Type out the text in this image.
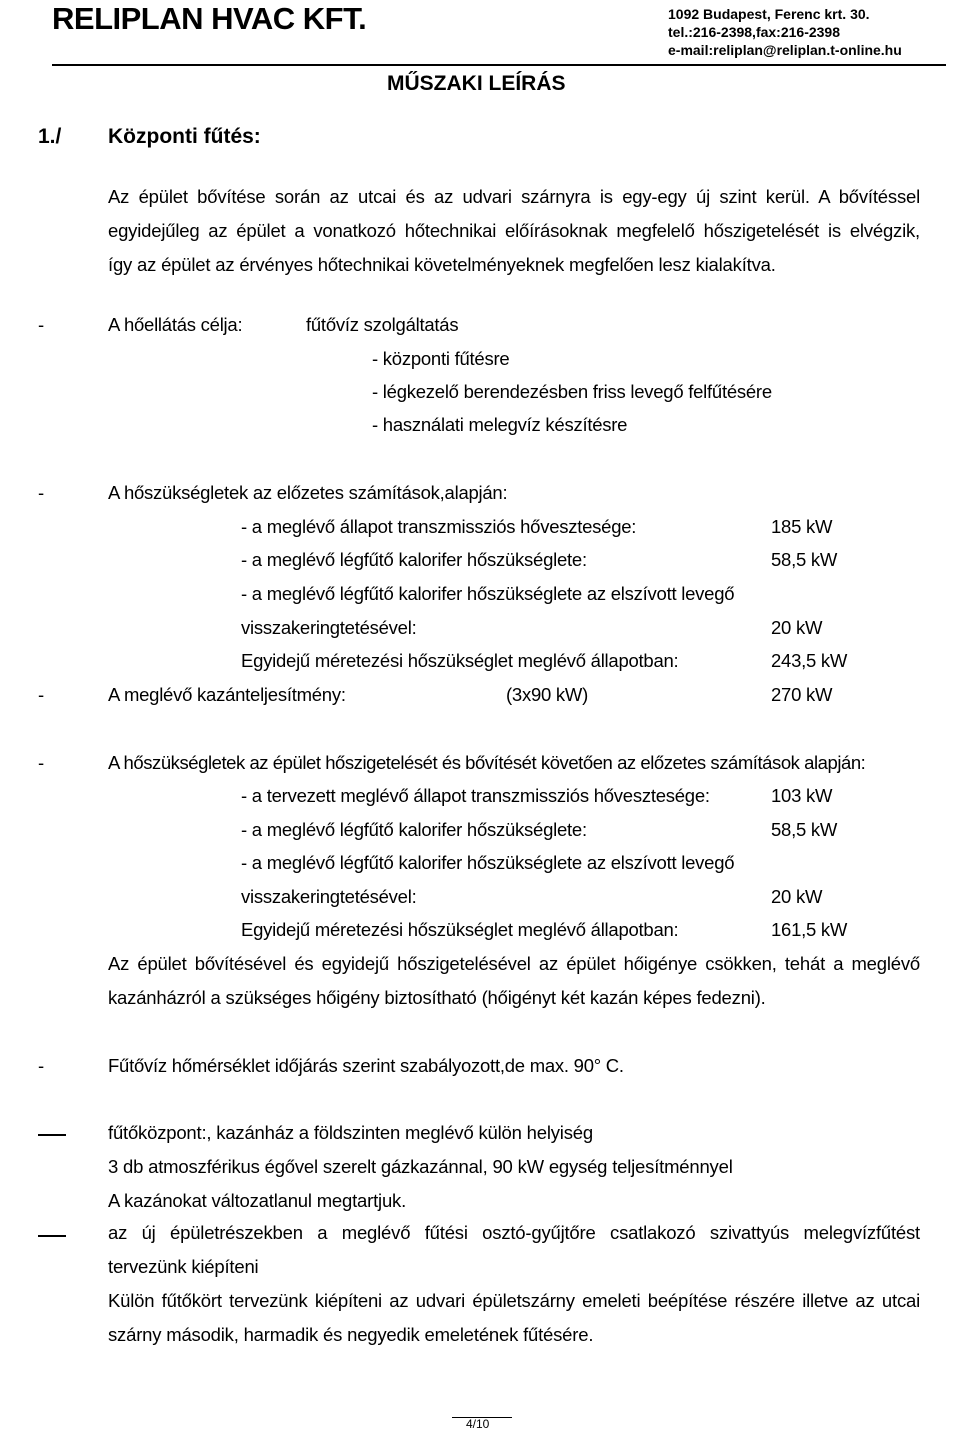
RELIPLAN HVAC KFT.	1092 Budapest, Ferenc krt. 30.
tel.:216-2398,fax:216-2398
e-mail:reliplan@reliplan.t-online.hu
MŰSZAKI LEÍRÁS
1./ Központi fűtés:
Az épület bővítése során az utcai és az udvari szárnyra is egy-egy új szint kerül. A bővítéssel
egyidejűleg az épület a vonatkozó hőtechnikai előírásoknak megfelelő hőszigetelését is elvégzik,
így az épület az érvényes hőtechnikai követelményeknek megfelően lesz kialakítva.
-	A hőellátás célja:	fűtővíz szolgáltatás
- központi fűtésre
- légkezelő berendezésben friss levegő felfűtésére
- használati melegvíz készítésre
-	A hőszükségletek az előzetes számítások,alapján:
- a meglévő állapot transzmissziós hővesztesége:	185 kW
- a meglévő légfűtő kalorifer hőszükséglete:	58,5 kW
- a meglévő légfűtő kalorifer hőszükséglete az elszívott levegő
visszakeringtetésével:	20 kW
Egyidejű méretezési hőszükséglet meglévő állapotban:	243,5 kW
-	A meglévő kazánteljesítmény:	(3x90 kW)	270 kW
-	A hőszükségletek az épület hőszigetelését és bővítését követően az előzetes számítások alapján:
- a tervezett meglévő állapot transzmissziós hővesztesége:	103 kW
- a meglévő légfűtő kalorifer hőszükséglete:	58,5 kW
- a meglévő légfűtő kalorifer hőszükséglete az elszívott levegő
visszakeringtetésével:	20 kW
Egyidejű méretezési hőszükséglet meglévő állapotban:	161,5 kW
Az épület bővítésével és egyidejű hőszigetelésével az épület hőigénye csökken, tehát a meglévő
kazánházról a szükséges hőigény biztosítható (hőigényt két kazán képes fedezni).
-	Fűtővíz hőmérséklet időjárás szerint szabályozott,de max. 90° C.
fűtőközpont:, kazánház a földszinten meglévő külön helyiség
3 db atmoszférikus égővel szerelt gázkazánnal, 90 kW egység teljesítménnyel
A kazánokat változatlanul megtartjuk.
az új épületrészekben a meglévő fűtési osztó-gyűjtőre csatlakozó szivattyús melegvízfűtést
tervezünk kiépíteni
Külön fűtőkört tervezünk kiépíteni az udvari épületszárny emeleti beépítése részére illetve az utcai
szárny második, harmadik és negyedik emeletének fűtésére.
4/10
